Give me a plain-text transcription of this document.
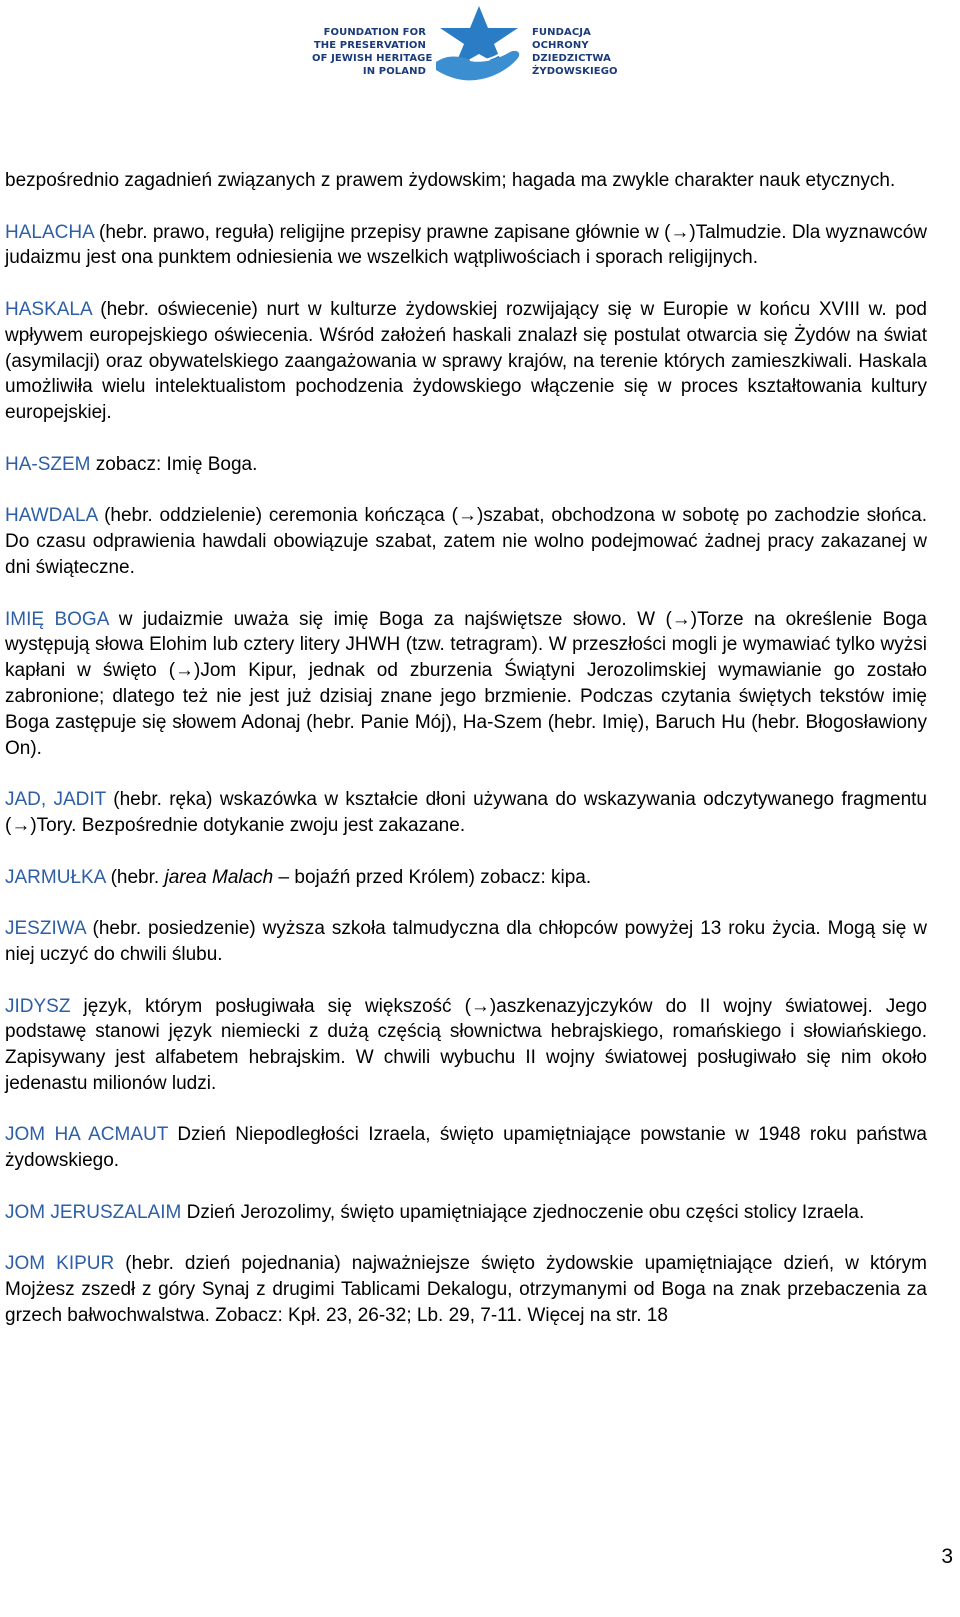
FOUNDATION FOR
THE PRESERVATION
OF JEWISH HERITAGE
IN POLAND
FUNDACJA
OCHRONY
DZIEDZICTWA
ŻYDOWSKIEGO

bezpośrednio zagadnień związanych z prawem żydowskim; hagada ma zwykle charakter nauk etycznych.

HALACHA (hebr. prawo, reguła) religijne przepisy prawne zapisane głównie w (→)Talmudzie. Dla wyznawców judaizmu jest ona punktem odniesienia we wszelkich wątpliwościach i sporach religijnych.

HASKALA (hebr. oświecenie) nurt w kulturze żydowskiej rozwijający się w Europie w końcu XVIII w. pod wpływem europejskiego oświecenia. Wśród założeń haskali znalazł się postulat otwarcia się Żydów na świat (asymilacji) oraz obywatelskiego zaangażowania w sprawy krajów, na terenie których zamieszkiwali. Haskala umożliwiła wielu intelektualistom pochodzenia żydowskiego włączenie się w proces kształtowania kultury europejskiej.

HA-SZEM zobacz: Imię Boga.

HAWDALA (hebr. oddzielenie) ceremonia kończąca (→)szabat, obchodzona w sobotę po zachodzie słońca. Do czasu odprawienia hawdali obowiązuje szabat, zatem nie wolno podejmować żadnej pracy zakazanej w dni świąteczne.

IMIĘ BOGA w judaizmie uważa się imię Boga za najświętsze słowo. W (→)Torze na określenie Boga występują słowa Elohim lub cztery litery JHWH (tzw. tetragram). W przeszłości mogli je wymawiać tylko wyżsi kapłani w święto (→)Jom Kipur, jednak od zburzenia Świątyni Jerozolimskiej wymawianie go zostało zabronione; dlatego też nie jest już dzisiaj znane jego brzmienie. Podczas czytania świętych tekstów imię Boga zastępuje się słowem Adonaj (hebr. Panie Mój), Ha-Szem (hebr. Imię), Baruch Hu (hebr. Błogosławiony On).

JAD, JADIT (hebr. ręka) wskazówka w kształcie dłoni używana do wskazywania odczytywanego fragmentu (→)Tory. Bezpośrednie dotykanie zwoju jest zakazane.

JARMUŁKA (hebr. jarea Malach – bojaźń przed Królem) zobacz: kipa.

JESZIWA (hebr. posiedzenie) wyższa szkoła talmudyczna dla chłopców powyżej 13 roku życia. Mogą się w niej uczyć do chwili ślubu.

JIDYSZ język, którym posługiwała się większość (→)aszkenazyjczyków do II wojny światowej. Jego podstawę stanowi język niemiecki z dużą częścią słownictwa hebrajskiego, romańskiego i słowiańskiego. Zapisywany jest alfabetem hebrajskim. W chwili wybuchu II wojny światowej posługiwało się nim około jedenastu milionów ludzi.

JOM HA ACMAUT Dzień Niepodległości Izraela, święto upamiętniające powstanie w 1948 roku państwa żydowskiego.

JOM JERUSZALAIM Dzień Jerozolimy, święto upamiętniające zjednoczenie obu części stolicy Izraela.

JOM KIPUR (hebr. dzień pojednania) najważniejsze święto żydowskie upamiętniające dzień, w którym Mojżesz zszedł z góry Synaj z drugimi Tablicami Dekalogu, otrzymanymi od Boga na znak przebaczenia za grzech bałwochwalstwa. Zobacz: Kpł. 23, 26-32; Lb. 29, 7-11. Więcej na str. 18

3
